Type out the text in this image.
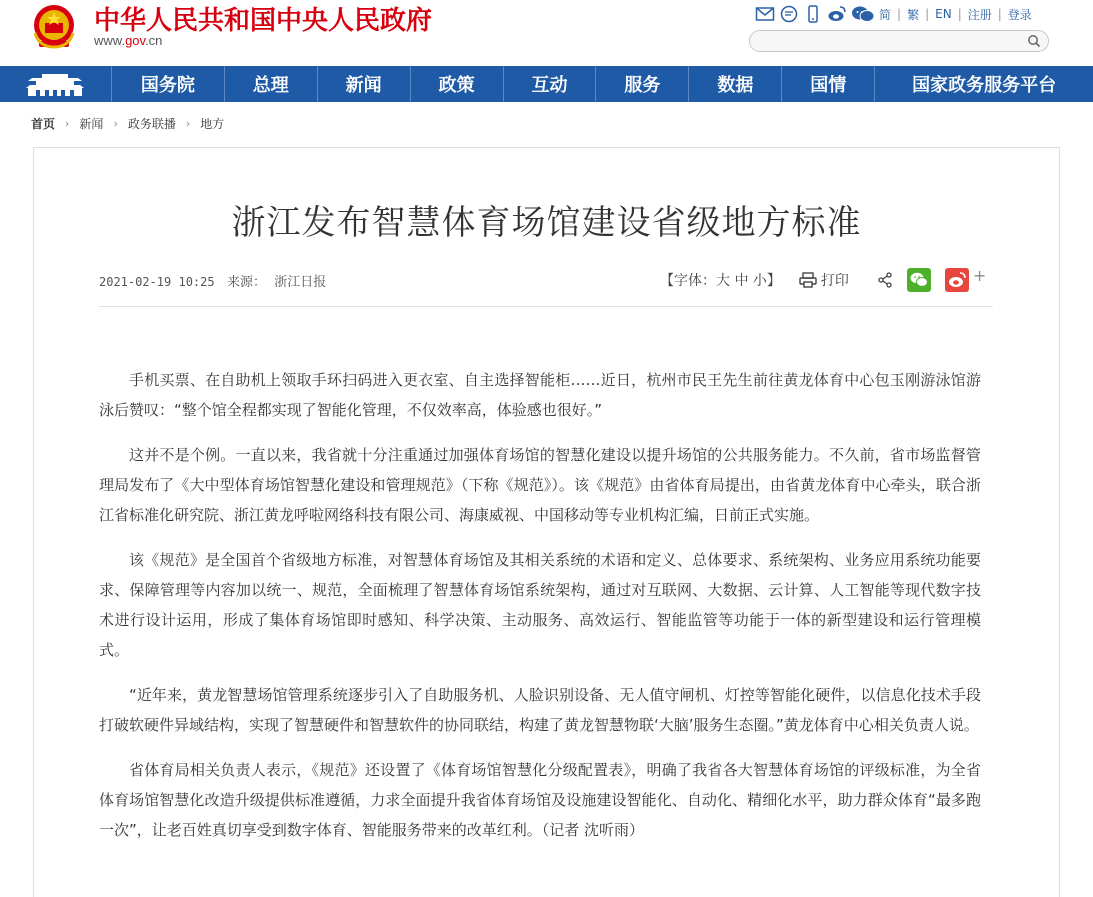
中华人民共和国中央人民政府
www.gov.cn
简 | 繁 | EN | 注册 | 登录
国务院	总理	新闻	政策	互动	服务	数据	国情	国家政务服务平台
首页 › 新闻 › 政务联播 › 地方
浙江发布智慧体育场馆建设省级地方标准
2021-02-19 10:25 来源： 浙江日报	【字体：大 中 小】	打印	+

手机买票、在自助机上领取手环扫码进入更衣室、自主选择智能柜……近日，杭州市民王先生前往黄龙体育中心包玉刚游泳馆游泳后赞叹：“整个馆全程都实现了智能化管理，不仅效率高，体验感也很好。”

这并不是个例。一直以来，我省就十分注重通过加强体育场馆的智慧化建设以提升场馆的公共服务能力。不久前，省市场监督管理局发布了《大中型体育场馆智慧化建设和管理规范》（下称《规范》）。该《规范》由省体育局提出，由省黄龙体育中心牵头，联合浙江省标准化研究院、浙江黄龙呼啦网络科技有限公司、海康威视、中国移动等专业机构汇编，日前正式实施。

该《规范》是全国首个省级地方标准，对智慧体育场馆及其相关系统的术语和定义、总体要求、系统架构、业务应用系统功能要求、保障管理等内容加以统一、规范，全面梳理了智慧体育场馆系统架构，通过对互联网、大数据、云计算、人工智能等现代数字技术进行设计运用，形成了集体育场馆即时感知、科学决策、主动服务、高效运行、智能监管等功能于一体的新型建设和运行管理模式。

“近年来，黄龙智慧场馆管理系统逐步引入了自助服务机、人脸识别设备、无人值守闸机、灯控等智能化硬件，以信息化技术手段打破软硬件异域结构，实现了智慧硬件和智慧软件的协同联结，构建了黄龙智慧物联‘大脑’服务生态圈。”黄龙体育中心相关负责人说。

省体育局相关负责人表示，《规范》还设置了《体育场馆智慧化分级配置表》，明确了我省各大智慧体育场馆的评级标准，为全省体育场馆智慧化改造升级提供标准遵循，力求全面提升我省体育场馆及设施建设智能化、自动化、精细化水平，助力群众体育“最多跑一次”，让老百姓真切享受到数字体育、智能服务带来的改革红利。（记者 沈听雨）
